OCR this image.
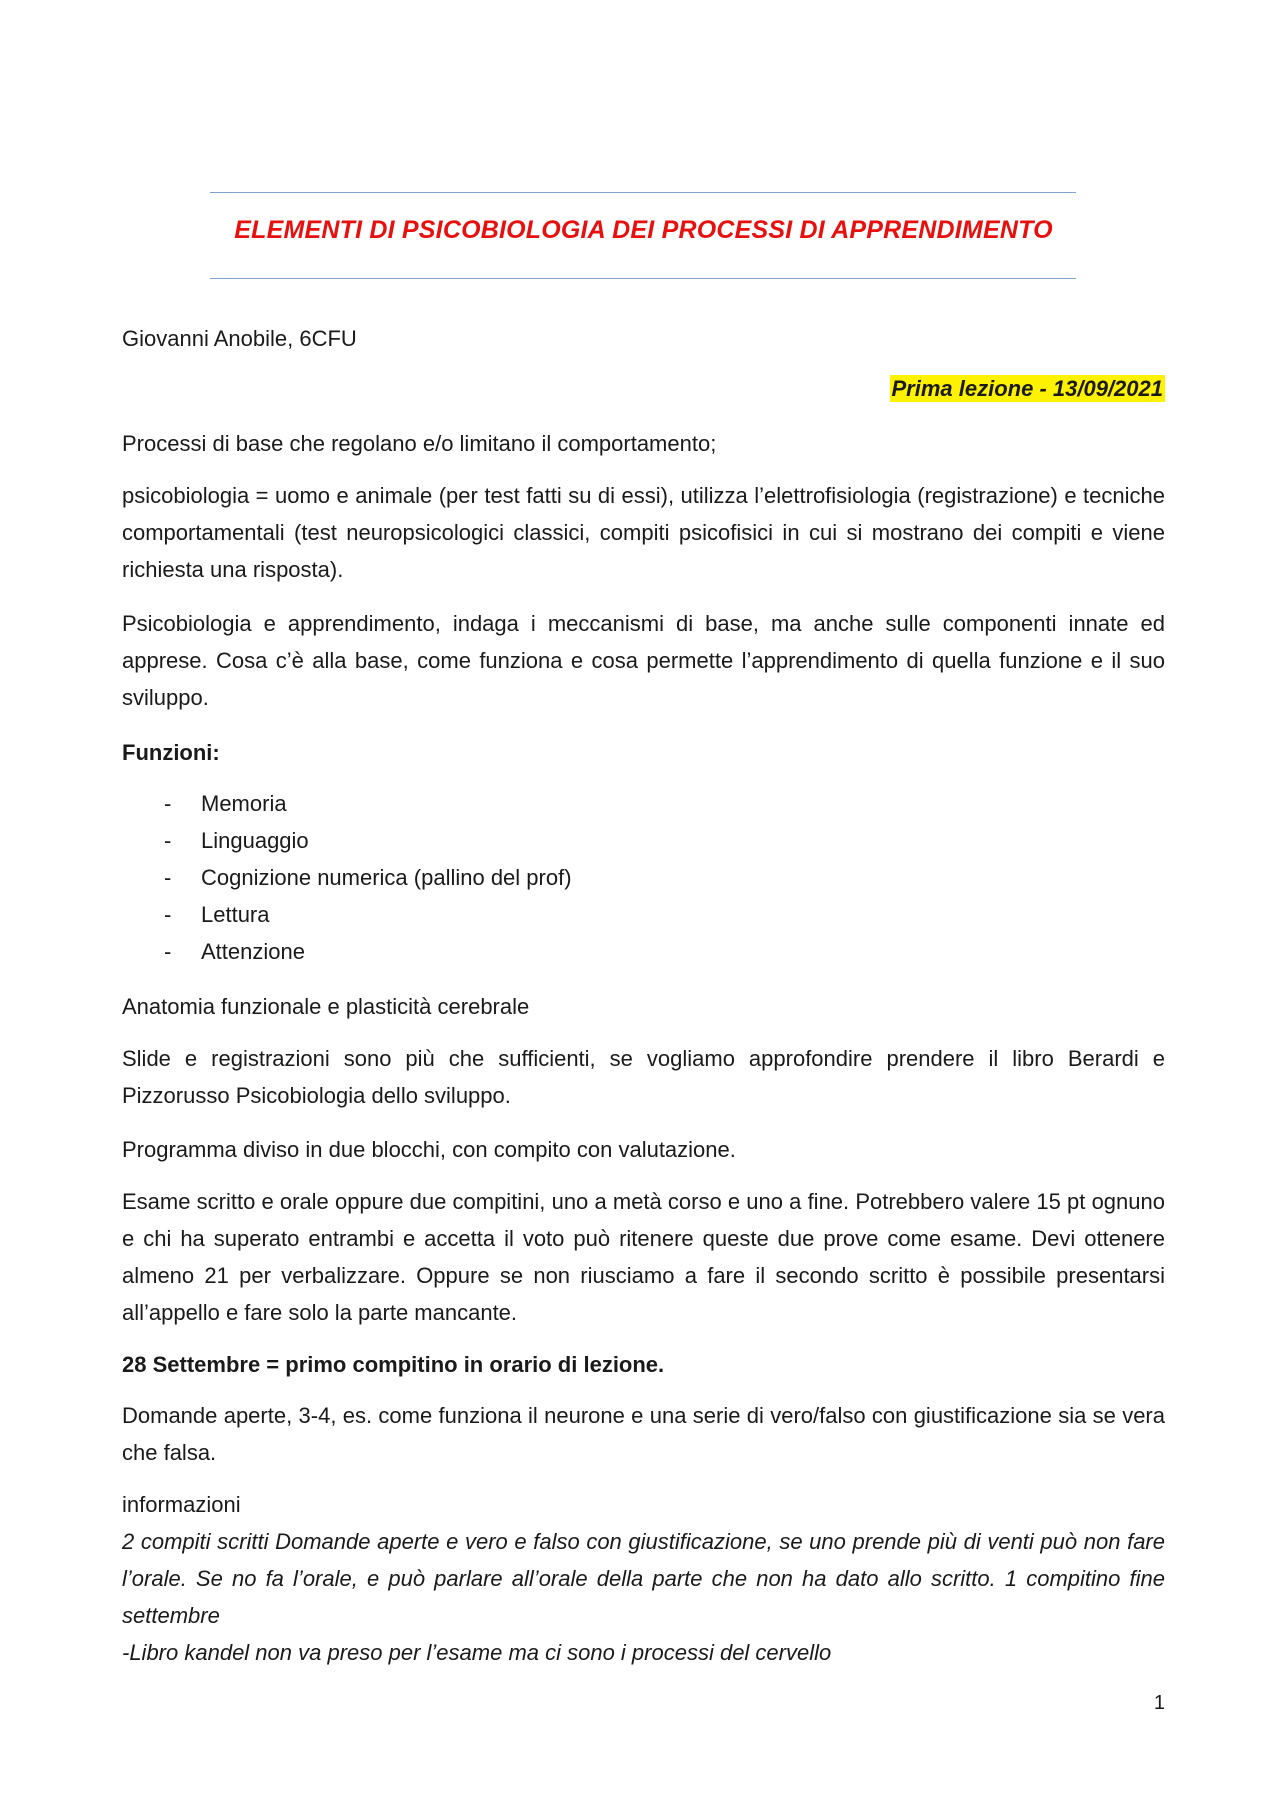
ELEMENTI DI PSICOBIOLOGIA DEI PROCESSI DI APPRENDIMENTO
Giovanni Anobile, 6CFU
Prima lezione - 13/09/2021
Processi di base che regolano e/o limitano il comportamento;
psicobiologia = uomo e animale (per test fatti su di essi), utilizza l’elettrofisiologia (registrazione) e tecniche comportamentali (test neuropsicologici classici, compiti psicofisici in cui si mostrano dei compiti e viene richiesta una risposta).
Psicobiologia e apprendimento, indaga i meccanismi di base, ma anche sulle componenti innate ed apprese. Cosa c’è alla base, come funziona e cosa permette l’apprendimento di quella funzione e il suo sviluppo.
Funzioni:
- Memoria
- Linguaggio
- Cognizione numerica (pallino del prof)
- Lettura
- Attenzione
Anatomia funzionale e plasticità cerebrale
Slide e registrazioni sono più che sufficienti, se vogliamo approfondire prendere il libro Berardi e Pizzorusso Psicobiologia dello sviluppo.
Programma diviso in due blocchi, con compito con valutazione.
Esame scritto e orale oppure due compitini, uno a metà corso e uno a fine. Potrebbero valere 15 pt ognuno e chi ha superato entrambi e accetta il voto può ritenere queste due prove come esame. Devi ottenere almeno 21 per verbalizzare. Oppure se non riusciamo a fare il secondo scritto è possibile presentarsi all’appello e fare solo la parte mancante.
28 Settembre = primo compitino in orario di lezione.
Domande aperte, 3-4, es. come funziona il neurone e una serie di vero/falso con giustificazione sia se vera che falsa.
informazioni
2 compiti scritti Domande aperte e vero e falso con giustificazione, se uno prende più di venti può non fare l’orale. Se no fa l’orale, e può parlare all’orale della parte che non ha dato allo scritto. 1 compitino fine settembre
-Libro kandel non va preso per l’esame ma ci sono i processi del cervello
1
